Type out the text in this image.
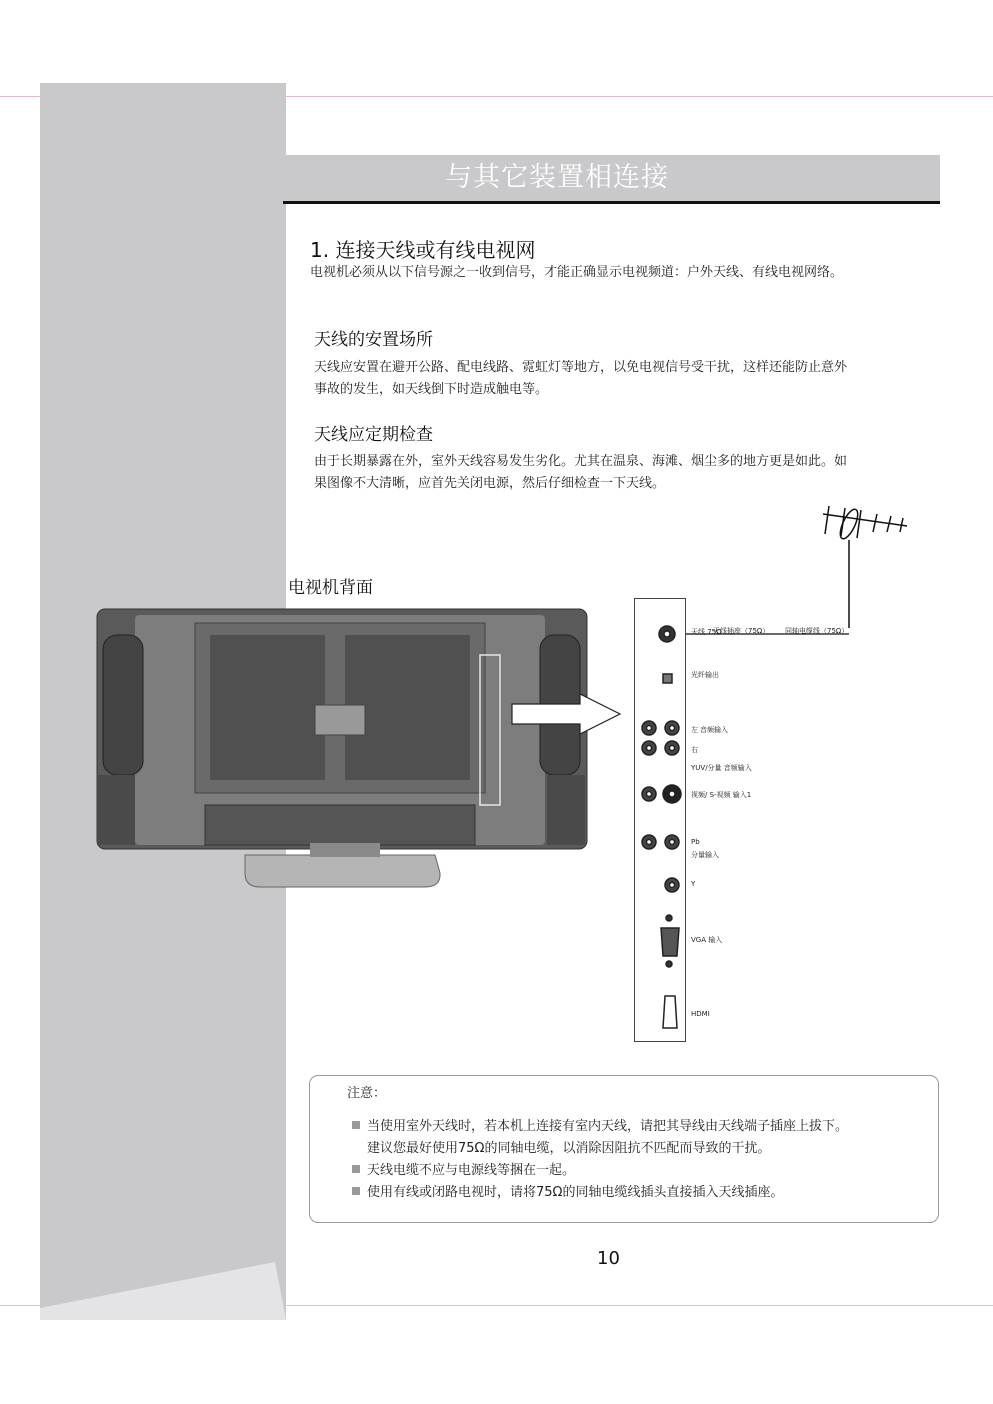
与其它装置相连接
1. 连接天线或有线电视网
电视机必须从以下信号源之一收到信号，才能正确显示电视频道：户外天线、有线电视网络。
天线的安置场所
天线应安置在避开公路、配电线路、霓虹灯等地方，以免电视信号受干扰，这样还能防止意外
事故的发生，如天线倒下时造成触电等。
天线应定期检查
由于长期暴露在外，室外天线容易发生劣化。尤其在温泉、海滩、烟尘多的地方更是如此。如
果图像不大清晰，应首先关闭电源，然后仔细检查一下天线。
电视机背面
天线 75Ω
天线插座（75Ω） 同轴电缆线（75Ω）
光纤输出
左 音频输入
右
YUV/分量 音频输入
视频/ S-视频 输入1
Pb
分量输入
Y
VGA 输入
HDMI
注意：
当使用室外天线时，若本机上连接有室内天线，请把其导线由天线端子插座上拔下。
建议您最好使用75Ω的同轴电缆，以消除因阻抗不匹配而导致的干扰。
天线电缆不应与电源线等捆在一起。
使用有线或闭路电视时，请将75Ω的同轴电缆线插头直接插入天线插座。
10
